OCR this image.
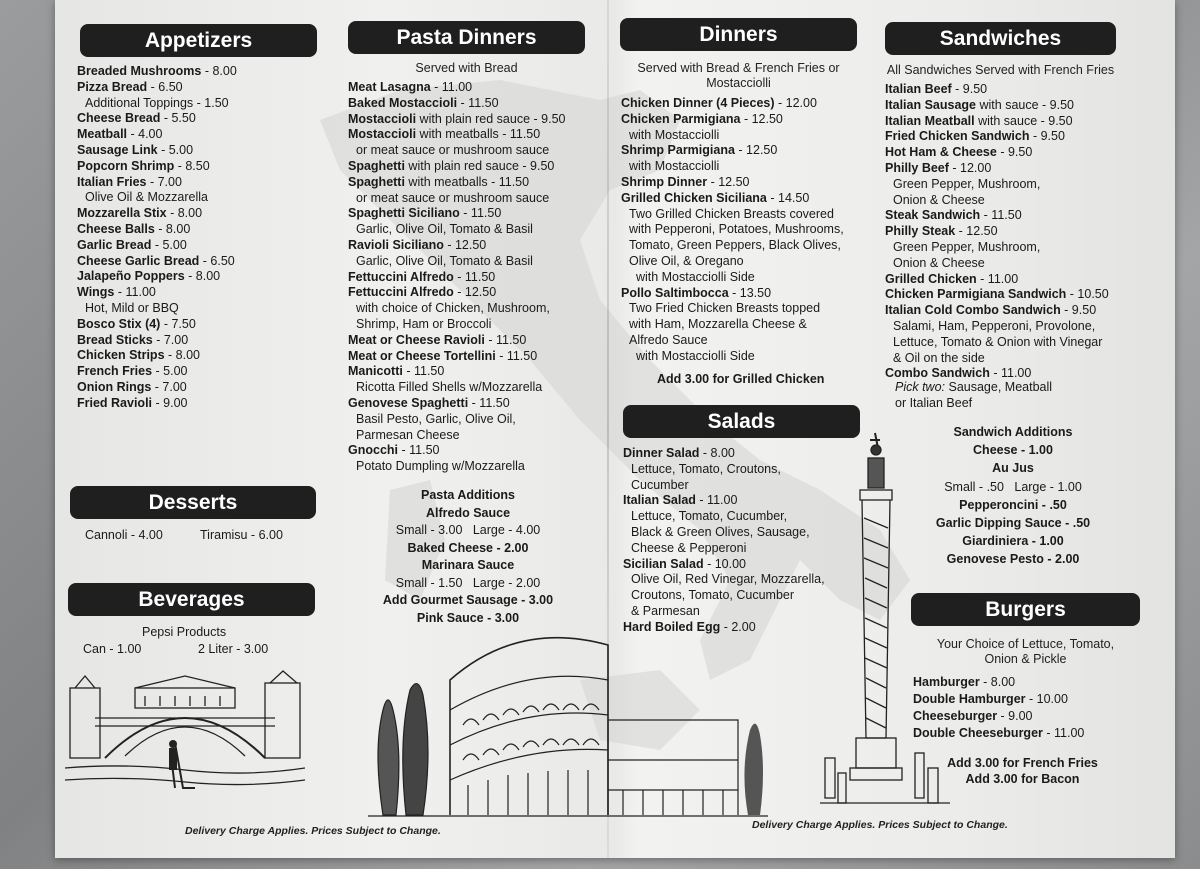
Appetizers
Breaded Mushrooms - 8.00
Pizza Bread - 6.50
Additional Toppings - 1.50
Cheese Bread - 5.50
Meatball - 4.00
Sausage Link - 5.00
Popcorn Shrimp - 8.50
Italian Fries - 7.00
Olive Oil & Mozzarella
Mozzarella Stix - 8.00
Cheese Balls - 8.00
Garlic Bread - 5.00
Cheese Garlic Bread - 6.50
Jalapeño Poppers - 8.00
Wings - 11.00
Hot, Mild or BBQ
Bosco Stix (4) - 7.50
Bread Sticks - 7.00
Chicken Strips - 8.00
French Fries - 5.00
Onion Rings - 7.00
Fried Ravioli - 9.00
Desserts
Cannoli - 4.00	Tiramisu - 6.00
Beverages
Pepsi Products
Can - 1.00	2 Liter - 3.00
Delivery Charge Applies. Prices Subject to Change.
Pasta Dinners
Served with Bread
Meat Lasagna - 11.00
Baked Mostaccioli - 11.50
Mostaccioli with plain red sauce - 9.50
Mostaccioli with meatballs - 11.50
or meat sauce or mushroom sauce
Spaghetti with plain red sauce - 9.50
Spaghetti with meatballs - 11.50
or meat sauce or mushroom sauce
Spaghetti Siciliano - 11.50
Garlic, Olive Oil, Tomato & Basil
Ravioli Siciliano - 12.50
Garlic, Olive Oil, Tomato & Basil
Fettuccini Alfredo - 11.50
Fettuccini Alfredo - 12.50
with choice of Chicken, Mushroom,
Shrimp, Ham or Broccoli
Meat or Cheese Ravioli - 11.50
Meat or Cheese Tortellini - 11.50
Manicotti - 11.50
Ricotta Filled Shells w/Mozzarella
Genovese Spaghetti - 11.50
Basil Pesto, Garlic, Olive Oil,
Parmesan Cheese
Gnocchi - 11.50
Potato Dumpling w/Mozzarella
Pasta Additions
Alfredo Sauce
Small - 3.00   Large - 4.00
Baked Cheese - 2.00
Marinara Sauce
Small - 1.50   Large - 2.00
Add Gourmet Sausage - 3.00
Pink Sauce - 3.00
Dinners
Served with Bread & French Fries or
Mostacciolli
Chicken Dinner (4 Pieces) - 12.00
Chicken Parmigiana - 12.50
with Mostacciolli
Shrimp Parmigiana - 12.50
with Mostacciolli
Shrimp Dinner - 12.50
Grilled Chicken Siciliana - 14.50
Two Grilled Chicken Breasts covered
with Pepperoni, Potatoes, Mushrooms,
Tomato, Green Peppers, Black Olives,
Olive Oil, & Oregano
with Mostacciolli Side
Pollo Saltimbocca - 13.50
Two Fried Chicken Breasts topped
with Ham, Mozzarella Cheese &
Alfredo Sauce
with Mostacciolli Side
Add 3.00 for Grilled Chicken
Salads
Dinner Salad - 8.00
Lettuce, Tomato, Croutons,
Cucumber
Italian Salad - 11.00
Lettuce, Tomato, Cucumber,
Black & Green Olives, Sausage,
Cheese & Pepperoni
Sicilian Salad - 10.00
Olive Oil, Red Vinegar, Mozzarella,
Croutons, Tomato, Cucumber
& Parmesan
Hard Boiled Egg - 2.00
Delivery Charge Applies. Prices Subject to Change.
Sandwiches
All Sandwiches Served with French Fries
Italian Beef - 9.50
Italian Sausage with sauce - 9.50
Italian Meatball with sauce - 9.50
Fried Chicken Sandwich - 9.50
Hot Ham & Cheese - 9.50
Philly Beef - 12.00
Green Pepper, Mushroom,
Onion & Cheese
Steak Sandwich - 11.50
Philly Steak - 12.50
Green Pepper, Mushroom,
Onion & Cheese
Grilled Chicken - 11.00
Chicken Parmigiana Sandwich - 10.50
Italian Cold Combo Sandwich - 9.50
Salami, Ham, Pepperoni, Provolone,
Lettuce, Tomato & Onion with Vinegar
& Oil on the side
Combo Sandwich - 11.00
Pick two: Sausage, Meatball
or Italian Beef
Sandwich Additions
Cheese - 1.00
Au Jus
Small - .50   Large - 1.00
Pepperoncini - .50
Garlic Dipping Sauce - .50
Giardiniera - 1.00
Genovese Pesto - 2.00
Burgers
Your Choice of Lettuce, Tomato,
Onion & Pickle
Hamburger - 8.00
Double Hamburger - 10.00
Cheeseburger - 9.00
Double Cheeseburger - 11.00
Add 3.00 for French Fries
Add 3.00 for Bacon
